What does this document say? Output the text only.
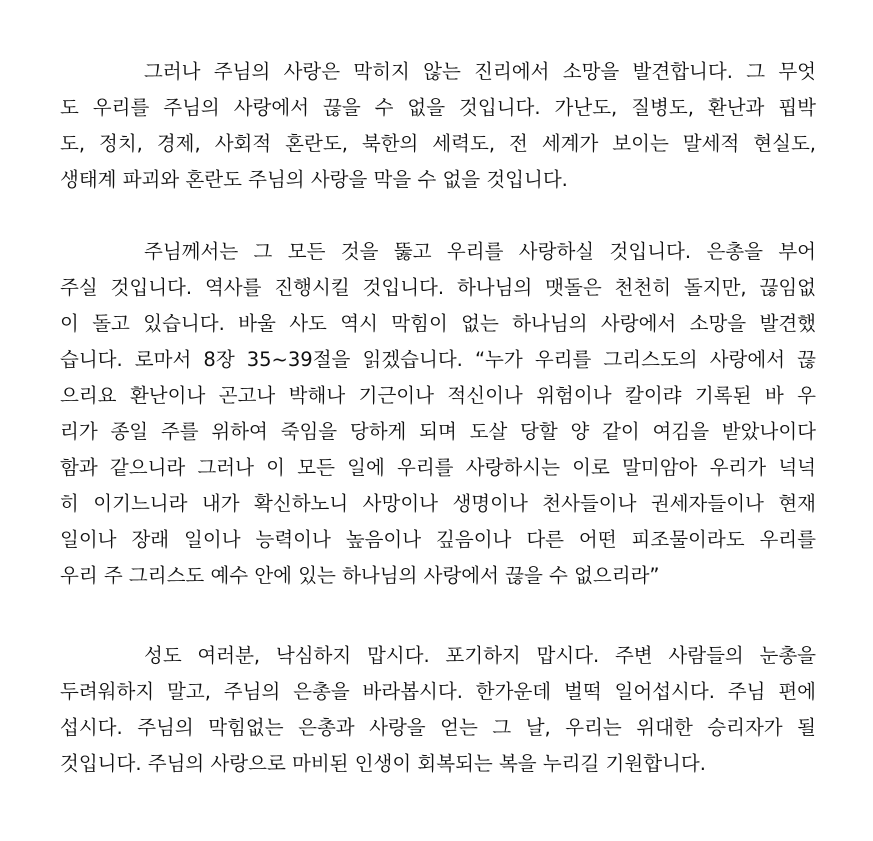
그러나 주님의 사랑은 막히지 않는 진리에서 소망을 발견합니다. 그 무엇
도 우리를 주님의 사랑에서 끊을 수 없을 것입니다. 가난도, 질병도, 환난과 핍박
도, 정치, 경제, 사회적 혼란도, 북한의 세력도, 전 세계가 보이는 말세적 현실도,
생태계 파괴와 혼란도 주님의 사랑을 막을 수 없을 것입니다.
주님께서는 그 모든 것을 뚫고 우리를 사랑하실 것입니다. 은총을 부어
주실 것입니다. 역사를 진행시킬 것입니다. 하나님의 맷돌은 천천히 돌지만, 끊임없
이 돌고 있습니다. 바울 사도 역시 막힘이 없는 하나님의 사랑에서 소망을 발견했
습니다. 로마서 8장 35~39절을 읽겠습니다. “누가 우리를 그리스도의 사랑에서 끊
으리요 환난이나 곤고나 박해나 기근이나 적신이나 위험이나 칼이랴 기록된 바 우
리가 종일 주를 위하여 죽임을 당하게 되며 도살 당할 양 같이 여김을 받았나이다
함과 같으니라 그러나 이 모든 일에 우리를 사랑하시는 이로 말미암아 우리가 넉넉
히 이기느니라 내가 확신하노니 사망이나 생명이나 천사들이나 권세자들이나 현재
일이나 장래 일이나 능력이나 높음이나 깊음이나 다른 어떤 피조물이라도 우리를
우리 주 그리스도 예수 안에 있는 하나님의 사랑에서 끊을 수 없으리라”
성도 여러분, 낙심하지 맙시다. 포기하지 맙시다. 주변 사람들의 눈총을
두려워하지 말고, 주님의 은총을 바라봅시다. 한가운데 벌떡 일어섭시다. 주님 편에
섭시다. 주님의 막힘없는 은총과 사랑을 얻는 그 날, 우리는 위대한 승리자가 될
것입니다. 주님의 사랑으로 마비된 인생이 회복되는 복을 누리길 기원합니다.
